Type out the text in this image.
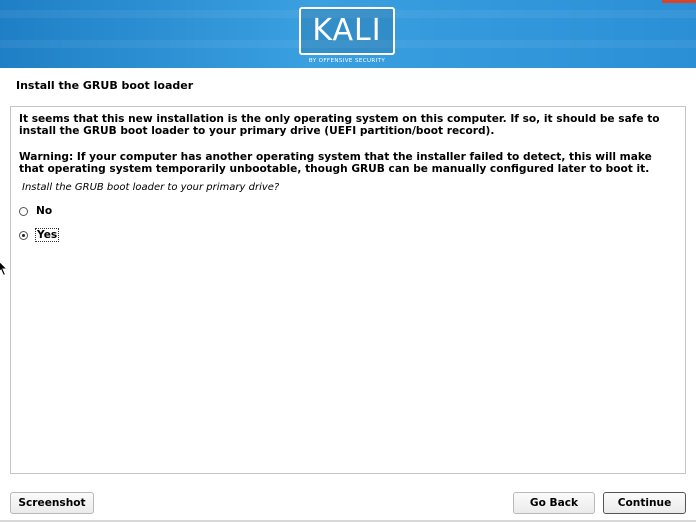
KALI
BY OFFENSIVE SECURITY
Install the GRUB boot loader
It seems that this new installation is the only operating system on this computer. If so, it should be safe to
install the GRUB boot loader to your primary drive (UEFI partition/boot record).
Warning: If your computer has another operating system that the installer failed to detect, this will make
that operating system temporarily unbootable, though GRUB can be manually configured later to boot it.
Install the GRUB boot loader to your primary drive?
No
Yes
Screenshot	Go Back	Continue
